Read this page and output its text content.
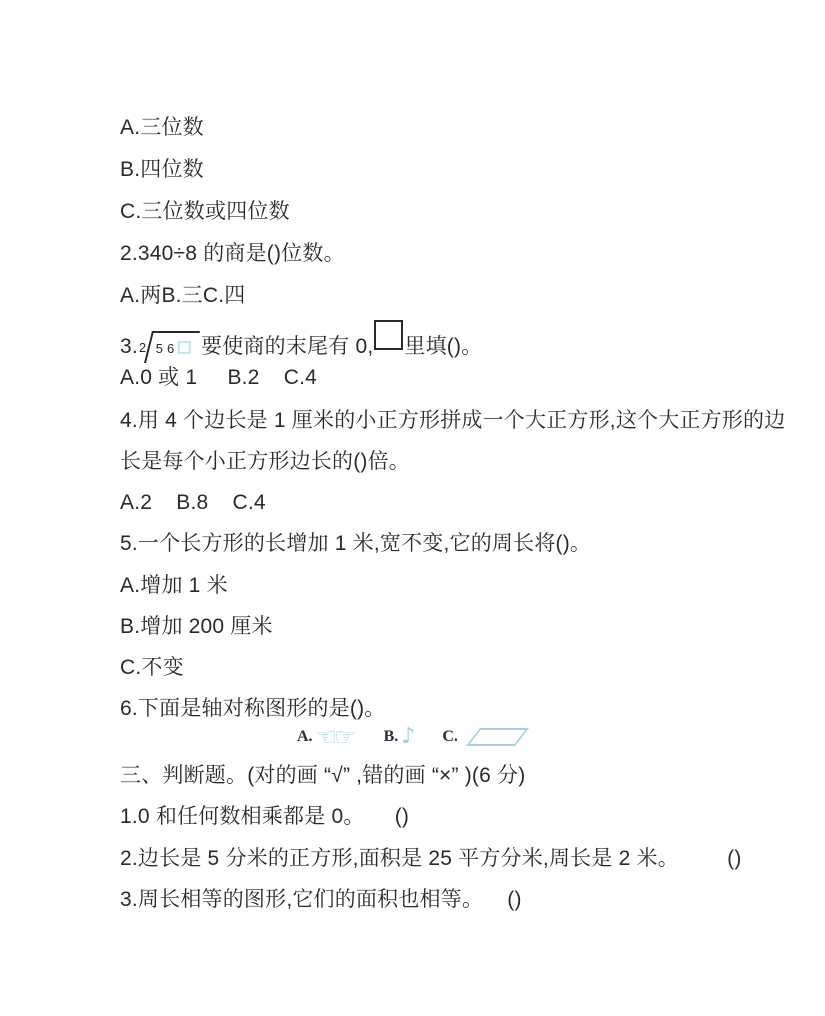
A.三位数
B.四位数
C.三位数或四位数
2.340÷8 的商是()位数。
A.两B.三C.四
3.2 5 6 要使商的末尾有 0, 里填()。
A.0 或 1     B.2    C.4
4.用 4 个边长是 1 厘米的小正方形拼成一个大正方形,这个大正方形的边
长是每个小正方形边长的()倍。
A.2    B.8    C.4
5.一个长方形的长增加 1 米,宽不变,它的周长将()。
A.增加 1 米
B.增加 200 厘米
C.不变
6.下面是轴对称图形的是()。
A. ☜☞ B. ♪ C.
三、判断题。(对的画 “√” ,错的画 “×” )(6 分)
1.0 和任何数相乘都是 0。     ()
2.边长是 5 分米的正方形,面积是 25 平方分米,周长是 2 米。        ()
3.周长相等的图形,它们的面积也相等。    ()
